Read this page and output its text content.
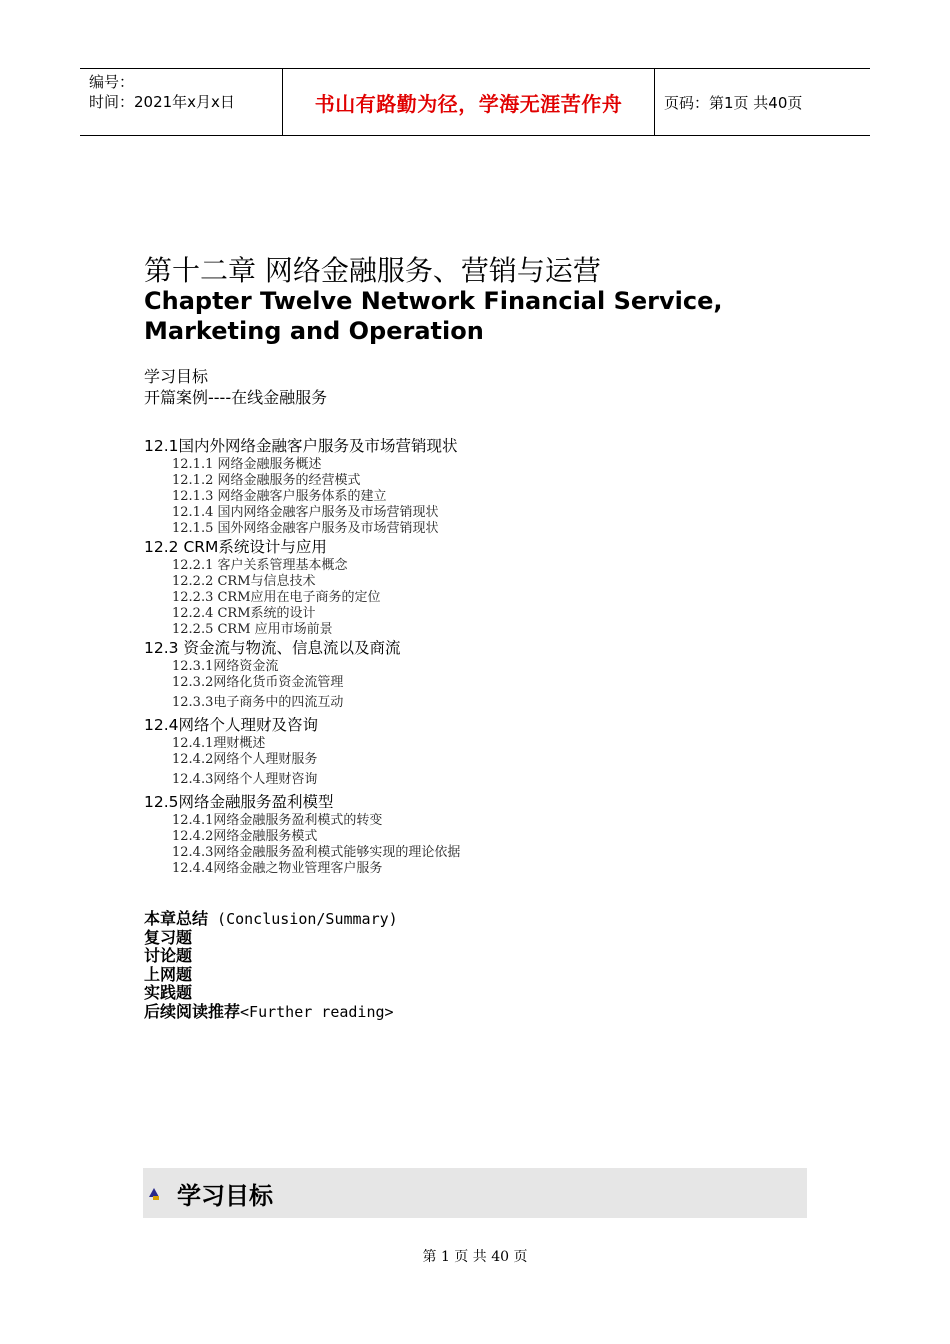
编号：
时间：2021年x月x日	书山有路勤为径，学海无涯苦作舟	页码：第1页 共40页
第十二章 网络金融服务、营销与运营
Chapter Twelve Network Financial Service, Marketing and Operation
学习目标
开篇案例----在线金融服务
12.1国内外网络金融客户服务及市场营销现状
12.1.1 网络金融服务概述
12.1.2 网络金融服务的经营模式
12.1.3 网络金融客户服务体系的建立
12.1.4 国内网络金融客户服务及市场营销现状
12.1.5 国外网络金融客户服务及市场营销现状
12.2 CRM系统设计与应用
12.2.1 客户关系管理基本概念
12.2.2 CRM与信息技术
12.2.3 CRM应用在电子商务的定位
12.2.4 CRM系统的设计
12.2.5 CRM 应用市场前景
12.3 资金流与物流、信息流以及商流
12.3.1网络资金流
12.3.2网络化货币资金流管理
12.3.3电子商务中的四流互动
12.4网络个人理财及咨询
12.4.1理财概述
12.4.2网络个人理财服务
12.4.3网络个人理财咨询
12.5网络金融服务盈利模型
12.4.1网络金融服务盈利模式的转变
12.4.2网络金融服务模式
12.4.3网络金融服务盈利模式能够实现的理论依据
12.4.4网络金融之物业管理客户服务
本章总结 (Conclusion/Summary)
复习题
讨论题
上网题
实践题
后续阅读推荐<Further reading>
学习目标
第 1 页 共 40 页
